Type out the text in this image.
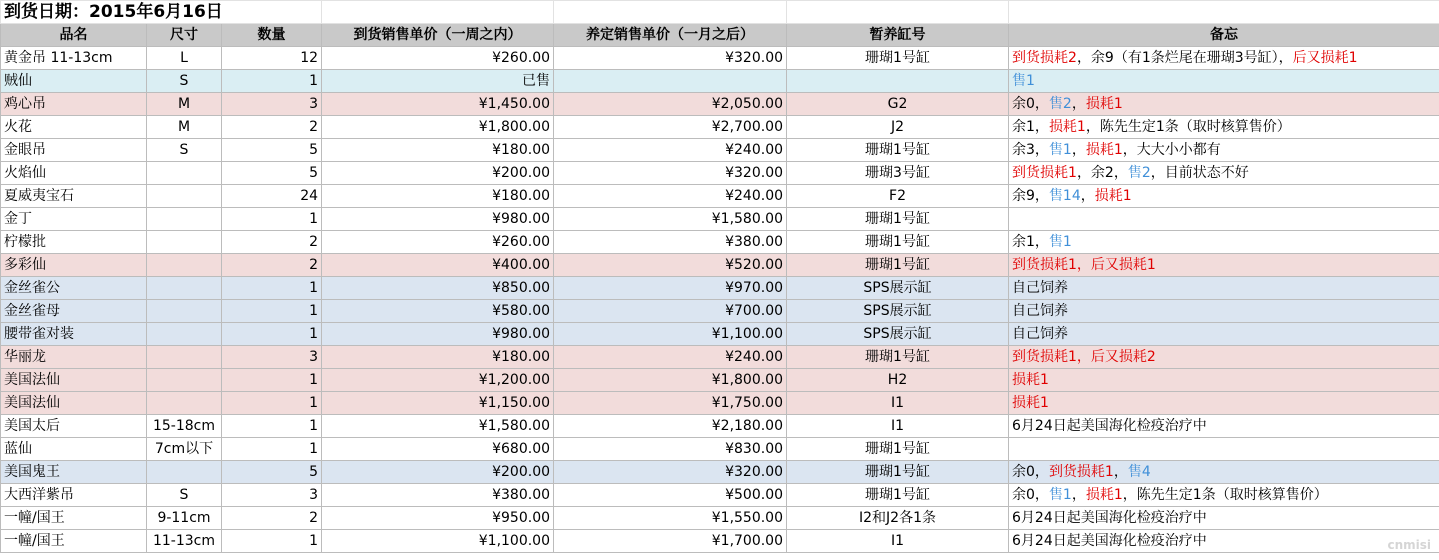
到货日期：2015年6月16日						
品名	尺寸	数量	到货销售单价（一周之内）	养定销售单价（一月之后）	暂养缸号	备忘
黄金吊 11-13cm	L	12	¥260.00	¥320.00	珊瑚1号缸	到货损耗2，余9（有1条烂尾在珊瑚3号缸），后又损耗1
贼仙	S	1	已售			售1
鸡心吊	M	3	¥1,450.00	¥2,050.00	G2	余0，售2，损耗1
火花	M	2	¥1,800.00	¥2,700.00	J2	余1，损耗1，陈先生定1条（取时核算售价）
金眼吊	S	5	¥180.00	¥240.00	珊瑚1号缸	余3，售1，损耗1，大大小小都有
火焰仙		5	¥200.00	¥320.00	珊瑚3号缸	到货损耗1，余2，售2，目前状态不好
夏威夷宝石		24	¥180.00	¥240.00	F2	余9，售14，损耗1
金丁		1	¥980.00	¥1,580.00	珊瑚1号缸	
柠檬批		2	¥260.00	¥380.00	珊瑚1号缸	余1，售1
多彩仙		2	¥400.00	¥520.00	珊瑚1号缸	到货损耗1，后又损耗1
金丝雀公		1	¥850.00	¥970.00	SPS展示缸	自己饲养
金丝雀母		1	¥580.00	¥700.00	SPS展示缸	自己饲养
腰带雀对装		1	¥980.00	¥1,100.00	SPS展示缸	自己饲养
华丽龙		3	¥180.00	¥240.00	珊瑚1号缸	到货损耗1，后又损耗2
美国法仙		1	¥1,200.00	¥1,800.00	H2	损耗1
美国法仙		1	¥1,150.00	¥1,750.00	I1	损耗1
美国太后	15-18cm	1	¥1,580.00	¥2,180.00	I1	6月24日起美国海化检疫治疗中
蓝仙	7cm以下	1	¥680.00	¥830.00	珊瑚1号缸	
美国鬼王		5	¥200.00	¥320.00	珊瑚1号缸	余0，到货损耗1，售4
大西洋紫吊	S	3	¥380.00	¥500.00	珊瑚1号缸	余0，售1，损耗1，陈先生定1条（取时核算售价）
一幢/国王	9-11cm	2	¥950.00	¥1,550.00	I2和J2各1条	6月24日起美国海化检疫治疗中
一幢/国王	11-13cm	1	¥1,100.00	¥1,700.00	I1	6月24日起美国海化检疫治疗中	cnmisi
